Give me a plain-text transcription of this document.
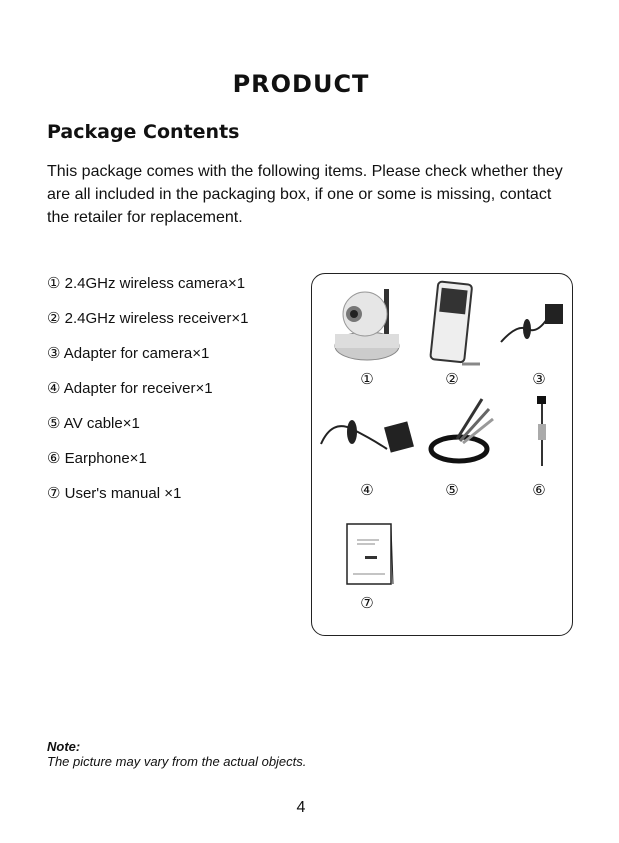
PRODUCT
Package Contents
This package comes with the following items. Please check whether they are all included in the packaging box, if one or some is missing, contact the retailer for replacement.
① 2.4GHz wireless camera×1
② 2.4GHz wireless receiver×1
③ Adapter for camera×1
④ Adapter for receiver×1
⑤ AV cable×1
⑥ Earphone×1
⑦ User's manual ×1
①	②	③
④	⑤	⑥
⑦
Note:
The picture may vary from the actual objects.
4
